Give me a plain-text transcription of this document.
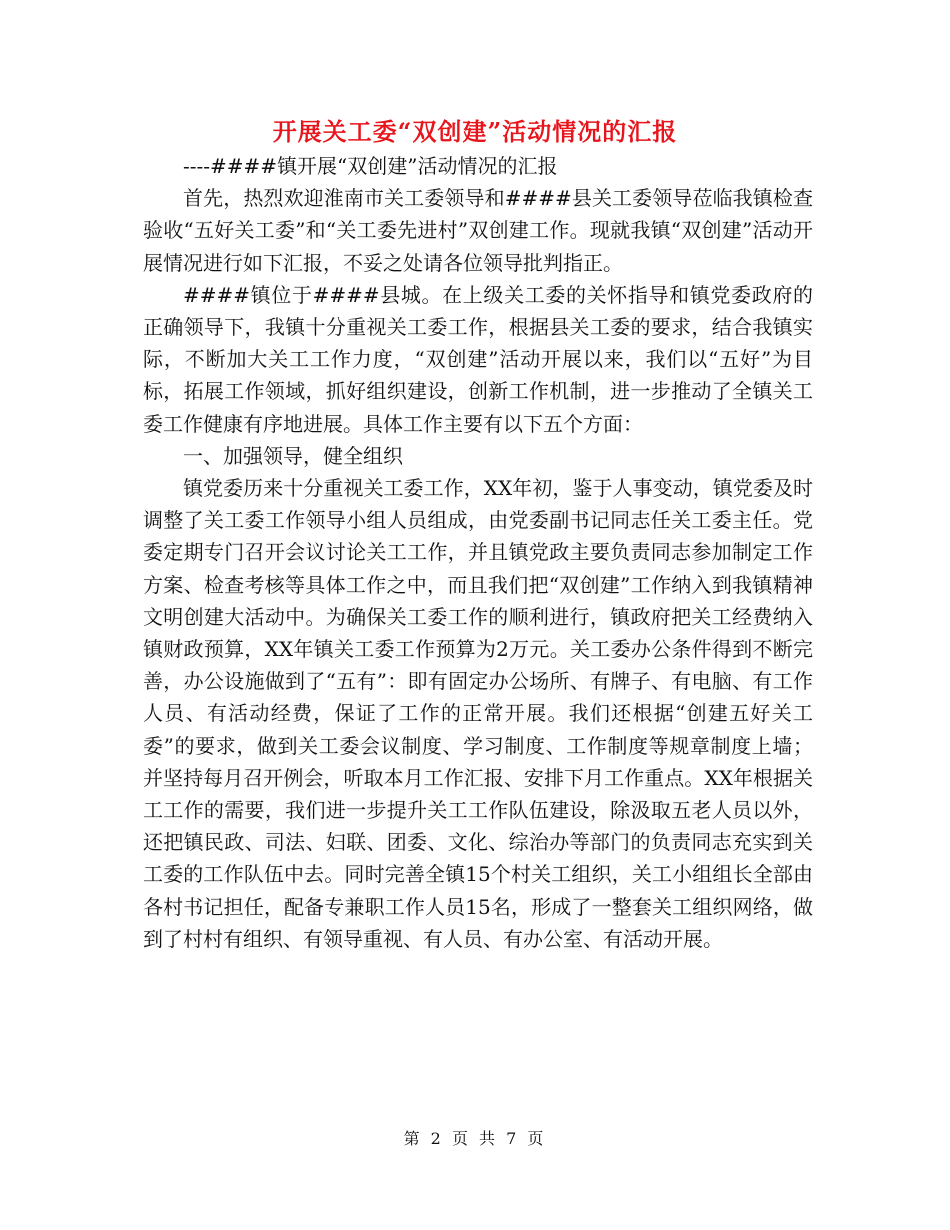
开展关工委“双创建”活动情况的汇报

----####镇开展“双创建”活动情况的汇报

首先，热烈欢迎淮南市关工委领导和####县关工委领导莅临我镇检查验收“五好关工委”和“关工委先进村”双创建工作。现就我镇“双创建”活动开展情况进行如下汇报，不妥之处请各位领导批判指正。

####镇位于####县城。在上级关工委的关怀指导和镇党委政府的正确领导下，我镇十分重视关工委工作，根据县关工委的要求，结合我镇实际，不断加大关工工作力度，“双创建”活动开展以来，我们以“五好”为目标，拓展工作领域，抓好组织建设，创新工作机制，进一步推动了全镇关工委工作健康有序地进展。具体工作主要有以下五个方面：

一、加强领导，健全组织

镇党委历来十分重视关工委工作，XX年初，鉴于人事变动，镇党委及时调整了关工委工作领导小组人员组成，由党委副书记同志任关工委主任。党委定期专门召开会议讨论关工工作，并且镇党政主要负责同志参加制定工作方案、检查考核等具体工作之中，而且我们把“双创建”工作纳入到我镇精神文明创建大活动中。为确保关工委工作的顺利进行，镇政府把关工经费纳入镇财政预算，XX年镇关工委工作预算为2万元。关工委办公条件得到不断完善，办公设施做到了“五有”：即有固定办公场所、有牌子、有电脑、有工作人员、有活动经费，保证了工作的正常开展。我们还根据“创建五好关工委”的要求，做到关工委会议制度、学习制度、工作制度等规章制度上墙；并坚持每月召开例会，听取本月工作汇报、安排下月工作重点。XX年根据关工工作的需要，我们进一步提升关工工作队伍建设，除汲取五老人员以外，还把镇民政、司法、妇联、团委、文化、综治办等部门的负责同志充实到关工委的工作队伍中去。同时完善全镇15个村关工组织，关工小组组长全部由各村书记担任，配备专兼职工作人员15名，形成了一整套关工组织网络，做到了村村有组织、有领导重视、有人员、有办公室、有活动开展。

第 2 页 共 7 页
